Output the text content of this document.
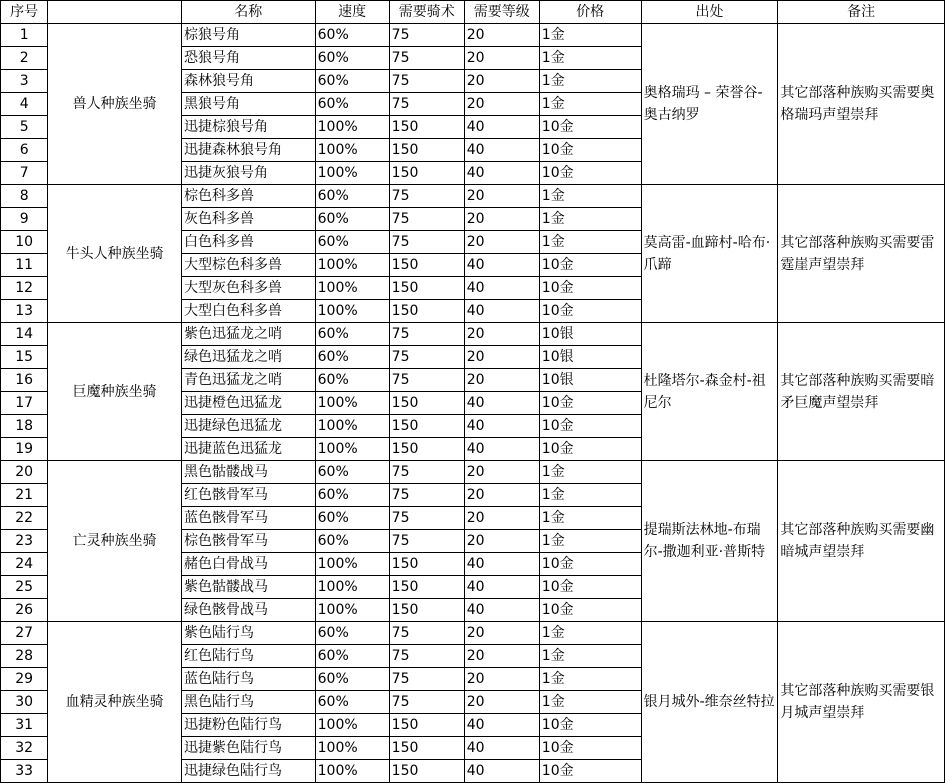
序号		名称	速度	需要骑术	需要等级	价格	出处	备注
1	兽人种族坐骑	棕狼号角	60%	75	20	1金	奥格瑞玛 – 荣誉谷-奥古纳罗	其它部落种族购买需要奥格瑞玛声望崇拜
2		恐狼号角	60%	75	20	1金		
3		森林狼号角	60%	75	20	1金		
4		黑狼号角	60%	75	20	1金		
5		迅捷棕狼号角	100%	150	40	10金		
6		迅捷森林狼号角	100%	150	40	10金		
7		迅捷灰狼号角	100%	150	40	10金		
8	牛头人种族坐骑	棕色科多兽	60%	75	20	1金	莫高雷-血蹄村-哈布·爪蹄	其它部落种族购买需要雷霆崖声望崇拜
9		灰色科多兽	60%	75	20	1金		
10		白色科多兽	60%	75	20	1金		
11		大型棕色科多兽	100%	150	40	10金		
12		大型灰色科多兽	100%	150	40	10金		
13		大型白色科多兽	100%	150	40	10金		
14	巨魔种族坐骑	紫色迅猛龙之哨	60%	75	20	10银	杜隆塔尔-森金村-祖尼尔	其它部落种族购买需要暗矛巨魔声望崇拜
15		绿色迅猛龙之哨	60%	75	20	10银		
16		青色迅猛龙之哨	60%	75	20	10银		
17		迅捷橙色迅猛龙	100%	150	40	10金		
18		迅捷绿色迅猛龙	100%	150	40	10金		
19		迅捷蓝色迅猛龙	100%	150	40	10金		
20	亡灵种族坐骑	黑色骷髅战马	60%	75	20	1金	提瑞斯法林地-布瑞尔-撒迦利亚·普斯特	其它部落种族购买需要幽暗城声望崇拜
21		红色骸骨军马	60%	75	20	1金		
22		蓝色骸骨军马	60%	75	20	1金		
23		棕色骸骨军马	60%	75	20	1金		
24		赭色白骨战马	100%	150	40	10金		
25		紫色骷髅战马	100%	150	40	10金		
26		绿色骸骨战马	100%	150	40	10金		
27	血精灵种族坐骑	紫色陆行鸟	60%	75	20	1金	银月城外-维奈丝特拉	其它部落种族购买需要银月城声望崇拜
28		红色陆行鸟	60%	75	20	1金		
29		蓝色陆行鸟	60%	75	20	1金		
30		黑色陆行鸟	60%	75	20	1金		
31		迅捷粉色陆行鸟	100%	150	40	10金		
32		迅捷紫色陆行鸟	100%	150	40	10金		
33		迅捷绿色陆行鸟	100%	150	40	10金		
